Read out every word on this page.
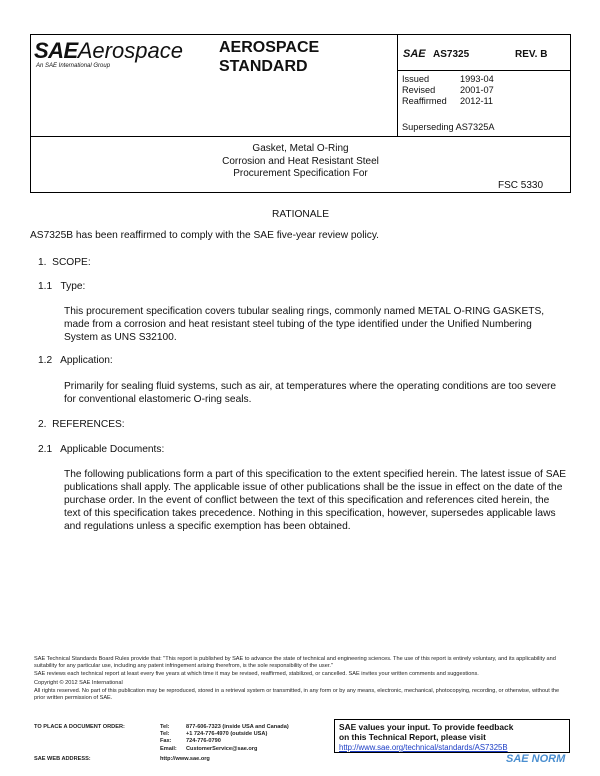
SAEAerospace
An SAE International Group
AEROSPACE
STANDARD
SAE AS7325	REV. B
Issued	1993-04
Revised	2001-07
Reaffirmed 2012-11
Superseding AS7325A
Gasket, Metal O-Ring
Corrosion and Heat Resistant Steel
Procurement Specification For
FSC 5330
RATIONALE
AS7325B has been reaffirmed to comply with the SAE five-year review policy.
1.  SCOPE:
1.1   Type:
This procurement specification covers tubular sealing rings, commonly named METAL O-RING GASKETS, made from a corrosion and heat resistant steel tubing of the type identified under the Unified Numbering System as UNS S32100.
1.2   Application:
Primarily for sealing fluid systems, such as air, at temperatures where the operating conditions are too severe for conventional elastomeric O-ring seals.
2.  REFERENCES:
2.1   Applicable Documents:
The following publications form a part of this specification to the extent specified herein. The latest issue of SAE publications shall apply. The applicable issue of other publications shall be the issue in effect on the date of the purchase order. In the event of conflict between the text of this specification and references cited herein, the text of this specification takes precedence. Nothing in this specification, however, supersedes applicable laws and regulations unless a specific exemption has been obtained.
SAE Technical Standards Board Rules provide that: "This report is published by SAE to advance the state of technical and engineering sciences. The use of this report is entirely voluntary, and its applicability and suitability for any particular use, including any patent infringement arising therefrom, is the sole responsibility of the user."
SAE reviews each technical report at least every five years at which time it may be revised, reaffirmed, stabilized, or cancelled. SAE invites your written comments and suggestions.
Copyright © 2012 SAE International
All rights reserved. No part of this publication may be reproduced, stored in a retrieval system or transmitted, in any form or by any means, electronic, mechanical, photocopying, recording, or otherwise, without the prior written permission of SAE.
TO PLACE A DOCUMENT ORDER:	Tel:	877-606-7323 (inside USA and Canada)
Tel:	+1 724-776-4970 (outside USA)
Fax:	724-776-0790
Email: CustomerService@sae.org
SAE WEB ADDRESS:	http://www.sae.org
SAE values your input. To provide feedback
on this Technical Report, please visit
http://www.sae.org/technical/standards/AS7325B
SAE NORM
